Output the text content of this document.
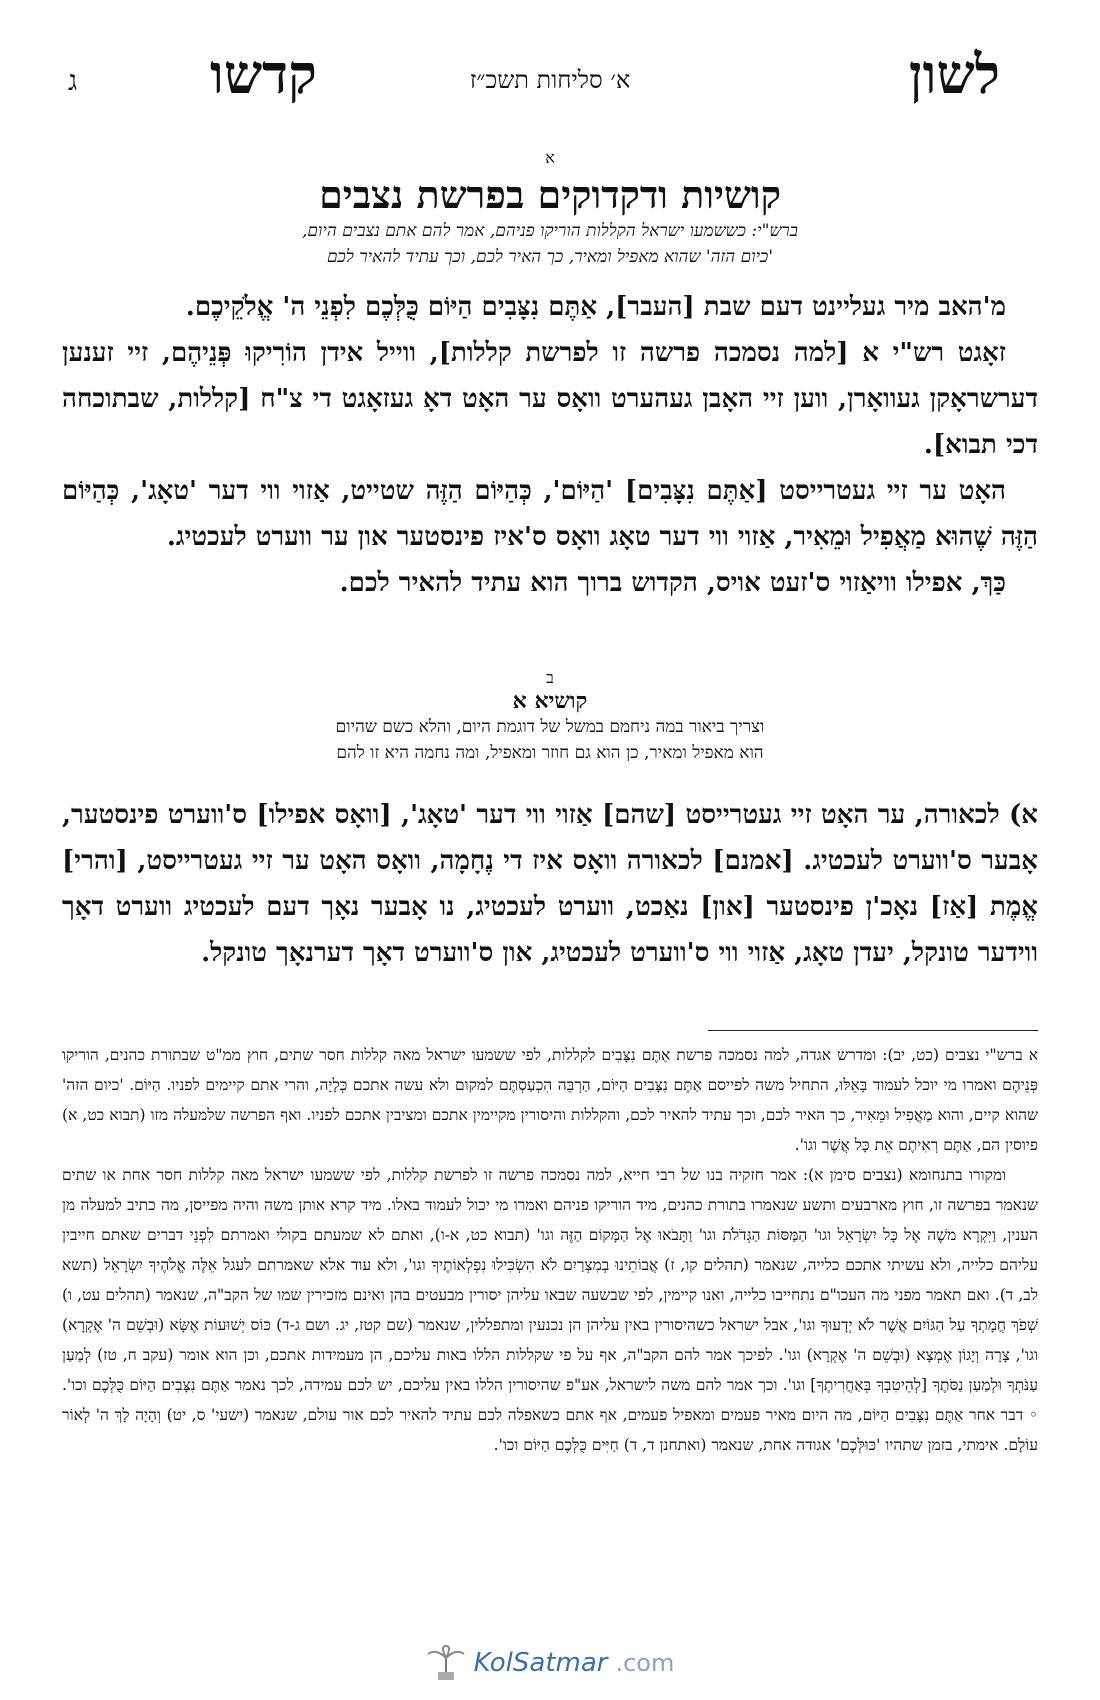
לשון
א׳ סליחות תשכ״ז
קדשו
ג
א
קושיות ודקדוקים בפרשת נצבים
ברש"י: כששמעו ישראל הקללות הוריקו פניהם, אמר להם אתם נצבים היום,
'כיום הזה' שהוא מאפיל ומאיר, כך האיר לכם, וכך עתיד להאיר לכם
מ'האב מיר געליינט דעם שבת [העבר], אַתֶּם נִצָּבִים הַיּוֹם כֻּלְּכֶם לִפְנֵי ה' אֱלֹקֵיכֶם.
זאָגט רש"י א [למה נסמכה פרשה זו לפרשת קללות], ווייל אידן הוֹרִיקוּ פְּנֵיהֶם, זיי זענען דערשראָקן געוואָרן, ווען זיי האָבן געהערט וואָס ער האָט דאָ געזאָגט די צ"ח [קללות, שבתוכחה דכי תבוא].
האָט ער זיי געטרייסט [אַתֶּם נִצָּבִים] 'הַיּוֹם', כְּהַיּוֹם הַזֶּה שטייט, אַזוי ווי דער 'טאָג', כְּהַיּוֹם הַזֶּה שֶׁהוּא מַאֲפִיל וּמֵאִיר, אַזוי ווי דער טאָג וואָס ס'איז פינסטער און ער ווערט לעכטיג.
כַּךְ, אפילו וויאַזוי ס'זעט אויס, הקדוש ברוך הוא עתיד להאיר לכם.
ב
קושיא א
וצריך ביאור במה ניחמם במשל של דוגמת היום, והלא כשם שהיום
הוא מאפיל ומאיר, כן הוא גם חוזר ומאפיל, ומה נחמה היא זו להם
א) לכאורה, ער האָט זיי געטרייסט [שהם] אַזוי ווי דער 'טאָג', [וואָס אפילו] ס'ווערט פינסטער, אָבער ס'ווערט לעכטיג. [אמנם] לכאורה וואָס איז די נֶחָמָה, וואָס האָט ער זיי געטרייסט, [והרי] אֱמֶת [אַז] נאָכ'ן פינסטער [און] נאַכט, ווערט לעכטיג, נו אָבער נאָך דעם לעכטיג ווערט דאָך ווידער טונקל, יעדן טאָג, אַזוי ווי ס'ווערט לעכטיג, און ס'ווערט דאָך דערנאָך טונקל.
א ברש"י נצבים (כט, יב): ומדרש אגדה, למה נסמכה פרשת אַתֶּם נִצָּבִים לקללות, לפי ששמעו ישראל מאה קללות חסר שתים, חוץ ממ"ט שבתורת כהנים, הוריקו פְּנֵיהֶם ואמרו מי יוכל לעמוד בָּאֵלּוּ, התחיל משה לפייסם אַתֶּם נִצָּבִים הַיּוֹם, הַרְבֵּה הִכְעַסְתֶּם למקום ולא עשה אתכם כְּלָיָה, והרי אתם קיימים לפניו. הַיּוֹם. 'כיום הזה' שהוא קיים, והוא מַאֲפִיל וּמֵאִיר, כך האיר לכם, וכך עתיד להאיר לכם, והקללות והיסורין מקיימין אתכם ומציבין אתכם לפניו. ואף הפרשה שלמעלה מזו (תבוא כט, א) פיוסין הם, אַתֶּם רְאִיתֶם אֵת כָּל אֲשֶׁר וגו'.
ומקורו בתנחומא (נצבים סימן א): אמר חזקיה בנו של רבי חייא, למה נסמכה פרשה זו לפרשת קללות, לפי ששמעו ישראל מאה קללות חסר אחת או שתים שנאמר בפרשה זו, חוץ מארבעים ותשע שנאמרו בתורת כהנים, מיד הוריקו פניהם ואמרו מי יכול לעמוד באלו. מיד קרא אותן משה והיה מפייסן, מה כתיב למעלה מן הענין, וַיִּקְרָא משֶׁה אֶל כָּל יִשְׂרָאֵל וגו' הַמַּסּוֹת הַגְּדֹלֹת וגו' וַתָּבֹאוּ אֶל הַמָּקוֹם הַזֶּה וגו' (תבוא כט, א-ו), ואתם לא שמעתם בקולי ואמרתם לִפְנֵי דברים שאתם חייבין עליהם כלייה, ולא עשיתי אתכם כלייה, שנאמר (תהלים קו, ז) אֲבוֹתֵינוּ בְמִצְרַיִם לֹא הִשְׂכִּילוּ נִפְלְאוֹתֶיךָ וגו', ולא עוד אלא שאמרתם לעגל אֵלֶּה אֱלֹהֶיךָ יִשְׂרָאֵל (תשא לב, ד). ואם תאמר מפני מה העכו"ם נתחייבו כלייה, ואנו קיימין, לפי שבשעה שבאו עליהן יסורין מבעטים בהן ואינם מזכירין שמו של הקב"ה, שנאמר (תהלים עט, ו) שְׁפֹךְ חֲמָתְךָ עַל הַגּוֹיִם אֲשֶׁר לֹא יְדָעוּךָ וגו', אבל ישראל כשהיסורין באין עליהן הן נכנעין ומתפללין, שנאמר (שם קטז, יג. ושם ג-ד) כּוֹס יְשׁוּעוֹת אֶשָּׂא (וּבְשֵׁם ה' אֶקְרָא) וגו', צָרָה וְיָגוֹן אֶמְצָא (וּבְשֵׁם ה' אֶקְרָא) וגו'. לפיכך אמר להם הקב"ה, אף על פי שקללות הללו באות עליכם, הן מעמידות אתכם, וכן הוא אומר (עקב ח, טז) לְמַעַן עַנֹּתְךָ וּלְמַעַן נַסֹּתֶךָ [לְהֵיטִבְךָ בְּאַחֲרִיתֶךָ] וגו'. וכך אמר להם משה לישראל, אע"פ שהיסורין הללו באין עליכם, יש לכם עמידה, לכך נאמר אַתֶּם נִצָּבִים הַיּוֹם כֻּלְּכֶם וכו'. ◦ דבר אחר אַתֶּם נִצָּבִים הַיּוֹם, מה היום מאיר פעמים ומאפיל פעמים, אף אתם כשאפלה לכם עתיד להאיר לכם אור עולם, שנאמר (ישעי' ס, יט) וְהָיָה לָךְ ה' לְאוֹר עוֹלָם. אימתי, בזמן שתהיו 'כּוּלְּכֶם' אגודה אחת, שנאמר (ואתחנן ד, ד) חַיִּים כֻּלְּכֶם הַיּוֹם וכו'.
KolSatmar .com
